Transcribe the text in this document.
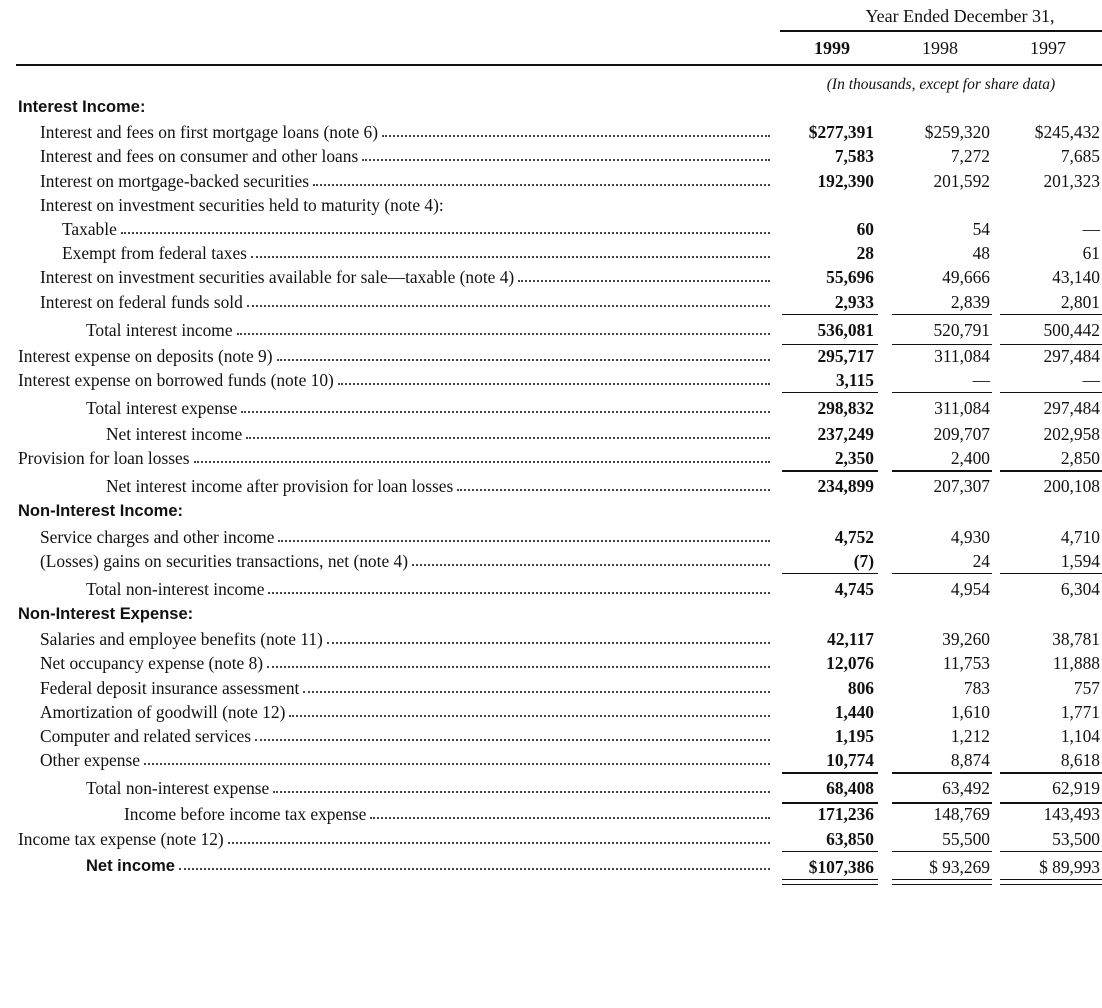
Year Ended December 31,
1999	1998	1997
(In thousands, except for share data)
Interest Income:
Interest and fees on first mortgage loans (note 6)	$277,391	$259,320	$245,432
Interest and fees on consumer and other loans	7,583	7,272	7,685
Interest on mortgage-backed securities	192,390	201,592	201,323
Interest on investment securities held to maturity (note 4):
Taxable	60	54	—
Exempt from federal taxes	28	48	61
Interest on investment securities available for sale—taxable (note 4)	55,696	49,666	43,140
Interest on federal funds sold	2,933	2,839	2,801
Total interest income	536,081	520,791	500,442
Interest expense on deposits (note 9)	295,717	311,084	297,484
Interest expense on borrowed funds (note 10)	3,115	—	—
Total interest expense	298,832	311,084	297,484
Net interest income	237,249	209,707	202,958
Provision for loan losses	2,350	2,400	2,850
Net interest income after provision for loan losses	234,899	207,307	200,108
Non-Interest Income:
Service charges and other income	4,752	4,930	4,710
(Losses) gains on securities transactions, net (note 4)	(7)	24	1,594
Total non-interest income	4,745	4,954	6,304
Non-Interest Expense:
Salaries and employee benefits (note 11)	42,117	39,260	38,781
Net occupancy expense (note 8)	12,076	11,753	11,888
Federal deposit insurance assessment	806	783	757
Amortization of goodwill (note 12)	1,440	1,610	1,771
Computer and related services	1,195	1,212	1,104
Other expense	10,774	8,874	8,618
Total non-interest expense	68,408	63,492	62,919
Income before income tax expense	171,236	148,769	143,493
Income tax expense (note 12)	63,850	55,500	53,500
Net income	$107,386	$ 93,269	$ 89,993
